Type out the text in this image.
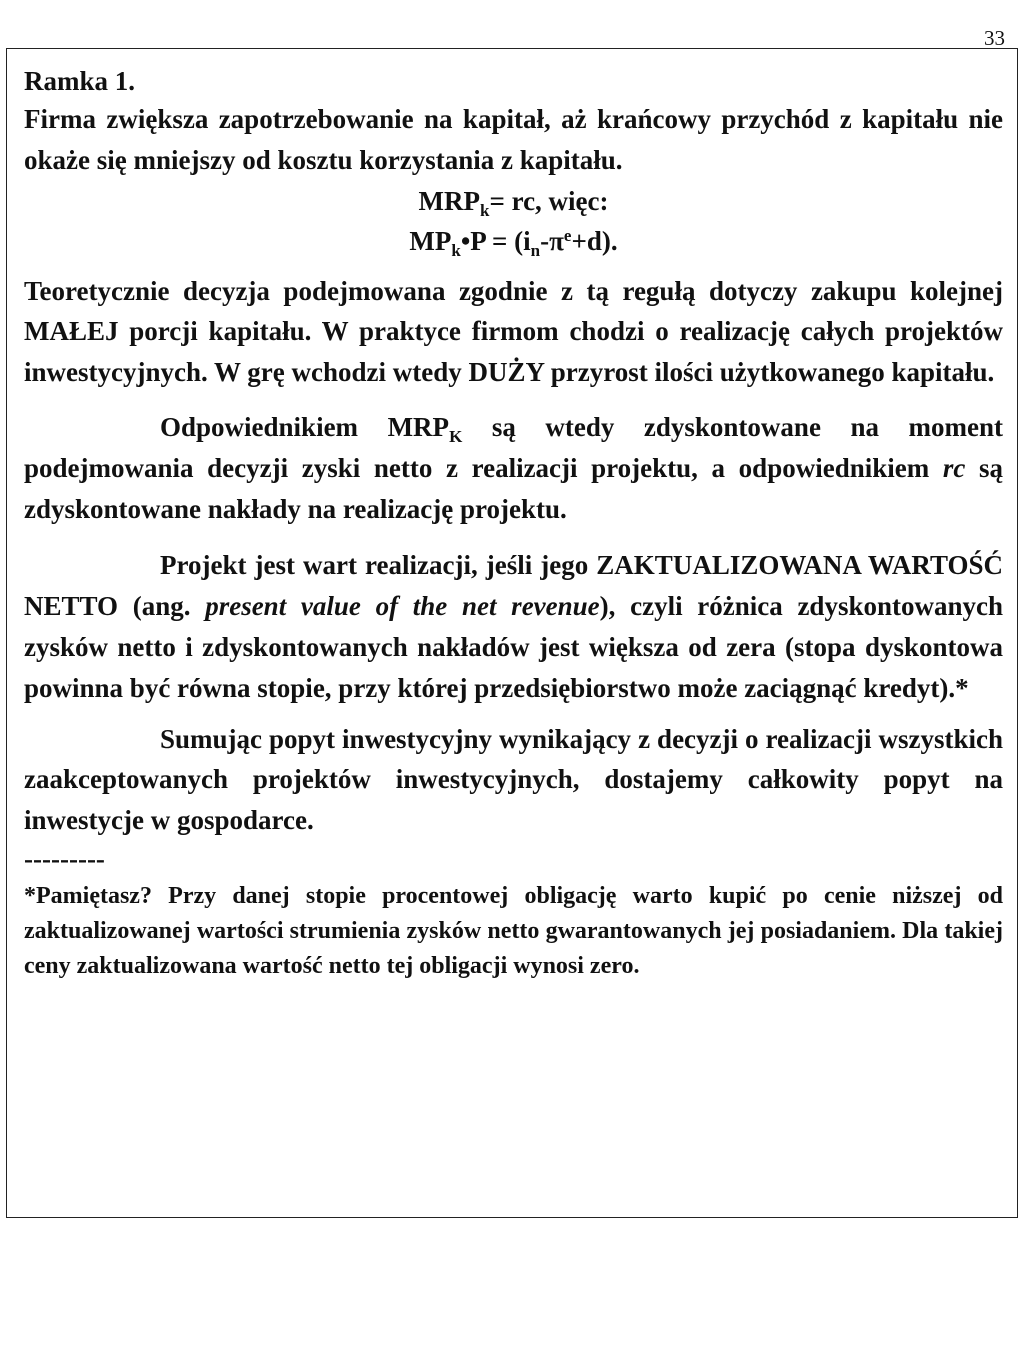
33

Ramka 1.

Firma zwiększa zapotrzebowanie na kapitał, aż krańcowy przychód z kapitału nie okaże się mniejszy od kosztu korzystania z kapitału.

$MRP_k=$ rc, więc:

$MP_k•P = (i_n-\pi^e+d)$.

Teoretycznie decyzja podejmowana zgodnie z tą regułą dotyczy zakupu kolejnej MAŁEJ porcji kapitału. W praktyce firmom chodzi o realizację całych projektów inwestycyjnych. W grę wchodzi wtedy DUŻY przyrost ilości użytkowanego kapitału.

Odpowiednikiem $MRP_K$ są wtedy zdyskontowane na moment podejmowania decyzji zyski netto z realizacji projektu, a odpowiednikiem rc są zdyskontowane nakłady na realizację projektu.

Projekt jest wart realizacji, jeśli jego ZAKTUALIZOWANA WARTOŚĆ NETTO (ang. present value of the net revenue), czyli różnica zdyskontowanych zysków netto i zdyskontowanych nakładów jest większa od zera (stopa dyskontowa powinna być równa stopie, przy której przedsiębiorstwo może zaciągnąć kredyt).*

Sumując popyt inwestycyjny wynikający z decyzji o realizacji wszystkich zaakceptowanych projektów inwestycyjnych, dostajemy całkowity popyt na inwestycje w gospodarce.

---------

*Pamiętasz? Przy danej stopie procentowej obligację warto kupić po cenie niższej od zaktualizowanej wartości strumienia zysków netto gwarantowanych jej posiadaniem. Dla takiej ceny zaktualizowana wartość netto tej obligacji wynosi zero.
